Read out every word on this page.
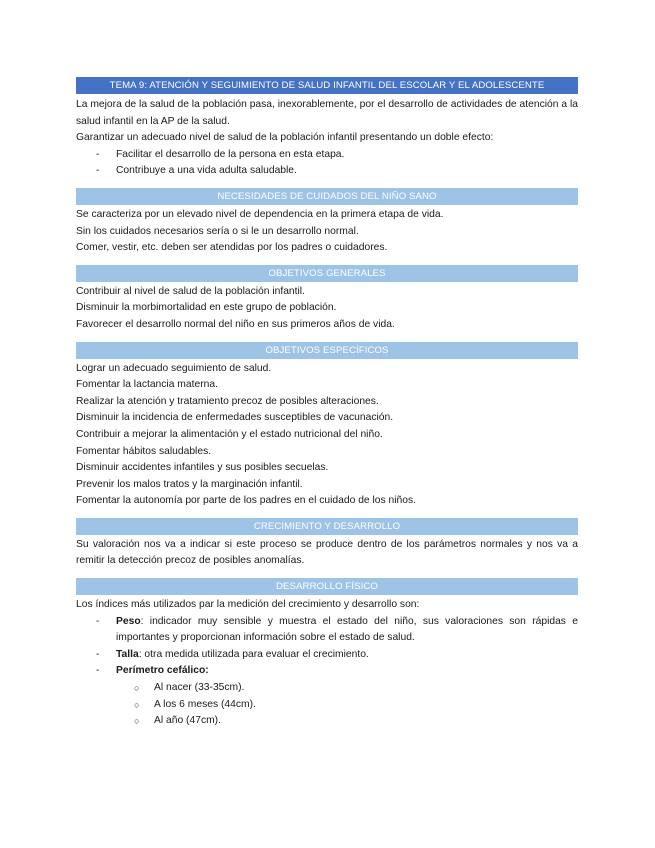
TEMA 9: ATENCIÓN Y SEGUIMIENTO DE SALUD INFANTIL DEL ESCOLAR Y EL ADOLESCENTE

La mejora de la salud de la población pasa, inexorablemente, por el desarrollo de actividades de atención a la salud infantil en la AP de la salud.

Garantizar un adecuado nivel de salud de la población infantil presentando un doble efecto:
- Facilitar el desarrollo de la persona en esta etapa.
- Contribuye a una vida adulta saludable.
NECESIDADES DE CUIDADOS DEL NIÑO SANO
Se caracteriza por un elevado nivel de dependencia en la primera etapa de vida.
Sin los cuidados necesarios sería o si le un desarrollo normal.
Comer, vestir, etc. deben ser atendidas por los padres o cuidadores.
OBJETIVOS GENERALES
Contribuir al nivel de salud de la población infantil.
Disminuir la morbimortalidad en este grupo de población.
Favorecer el desarrollo normal del niño en sus primeros años de vida.
OBJETIVOS ESPECÍFICOS
Lograr un adecuado seguimiento de salud.
Fomentar la lactancia materna.
Realizar la atención y tratamiento precoz de posibles alteraciones.
Disminuir la incidencia de enfermedades susceptibles de vacunación.
Contribuir a mejorar la alimentación y el estado nutricional del niño.
Fomentar hábitos saludables.
Disminuir accidentes infantiles y sus posibles secuelas.
Prevenir los malos tratos y la marginación infantil.
Fomentar la autonomía por parte de los padres en el cuidado de los niños.
CRECIMIENTO Y DESARROLLO

Su valoración nos va a indicar si este proceso se produce dentro de los parámetros normales y nos va a remitir la detección precoz de posibles anomalías.

DESARROLLO FÍSICO
Los índices más utilizados par la medición del crecimiento y desarrollo son:
- Peso: indicador muy sensible y muestra el estado del niño, sus valoraciones son rápidas e importantes y proporcionan información sobre el estado de salud.
- Talla: otra medida utilizada para evaluar el crecimiento.
- Perímetro cefálico:
○ Al nacer (33-35cm).
○ A los 6 meses (44cm).
○ Al año (47cm).
